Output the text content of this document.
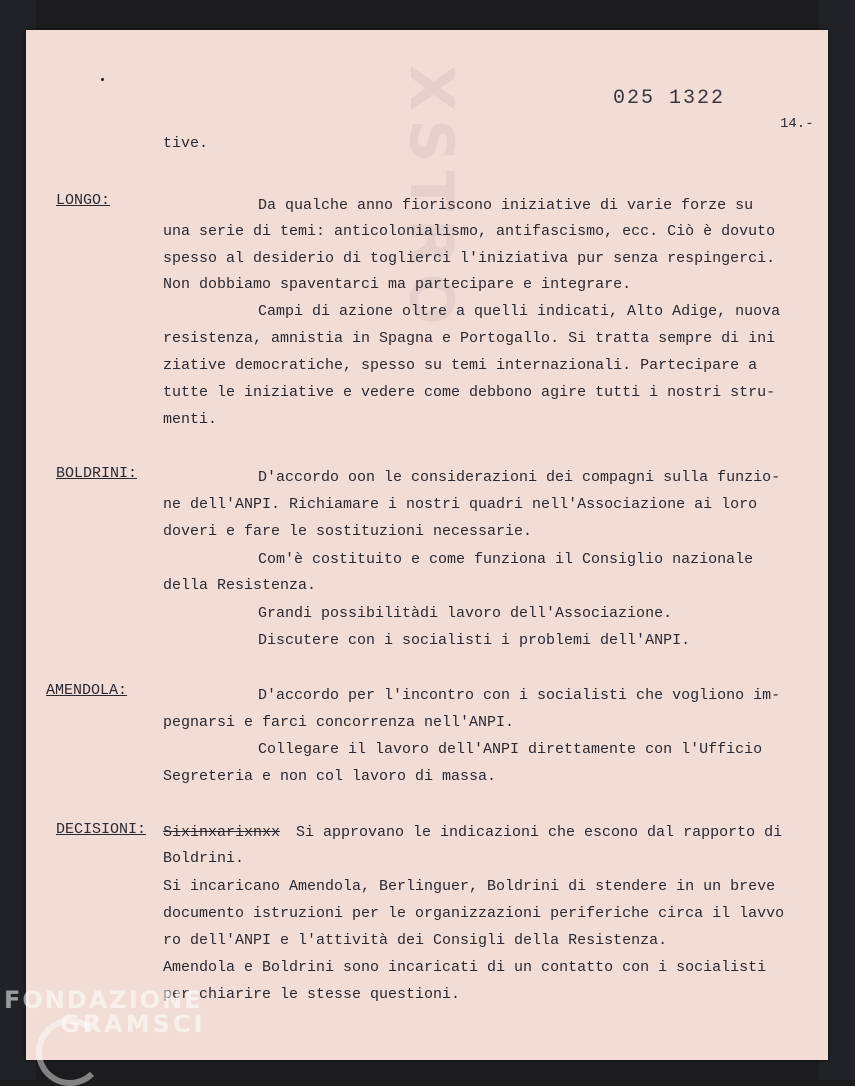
XSTRO	025 1322
14.-
tive.
LONGO:	Da qualche anno fioriscono iniziative di varie forze su
una serie di temi: anticolonialismo, antifascismo, ecc. Ciò è dovuto
spesso al desiderio di toglierci l'iniziativa pur senza respingerci.
Non dobbiamo spaventarci ma partecipare e integrare.
Campi di azione oltre a quelli indicati, Alto Adige, nuova
resistenza, amnistia in Spagna e Portogallo. Si tratta sempre di ini
ziative democratiche, spesso su temi internazionali. Partecipare a
tutte le iniziative e vedere come debbono agire tutti i nostri stru-
menti.
BOLDRINI:	D'accordo oon le considerazioni dei compagni sulla funzio-
ne dell'ANPI. Richiamare i nostri quadri nell'Associazione ai loro
doveri e fare le sostituzioni necessarie.
Com'è costituito e come funziona il Consiglio nazionale
della Resistenza.
Grandi possibilitàdi lavoro dell'Associazione.
Discutere con i socialisti i problemi dell'ANPI.
AMENDOLA:	D'accordo per l'incontro con i socialisti che vogliono im-
pegnarsi e farci concorrenza nell'ANPI.
Collegare il lavoro dell'ANPI direttamente con l'Ufficio
Segreteria e non col lavoro di massa.
DECISIONI: Sixinxarixnxx Si approvano le indicazioni che escono dal rapporto di
Boldrini.
Si incaricano Amendola, Berlinguer, Boldrini di stendere in un breve
documento istruzioni per le organizzazioni periferiche circa il lavvo
ro dell'ANPI e l'attività dei Consigli della Resistenza.
Amendola e Boldrini sono incaricati di un contatto con i socialisti
per chiarire le stesse questioni.
FONDAZIONE
GRAMSCI
